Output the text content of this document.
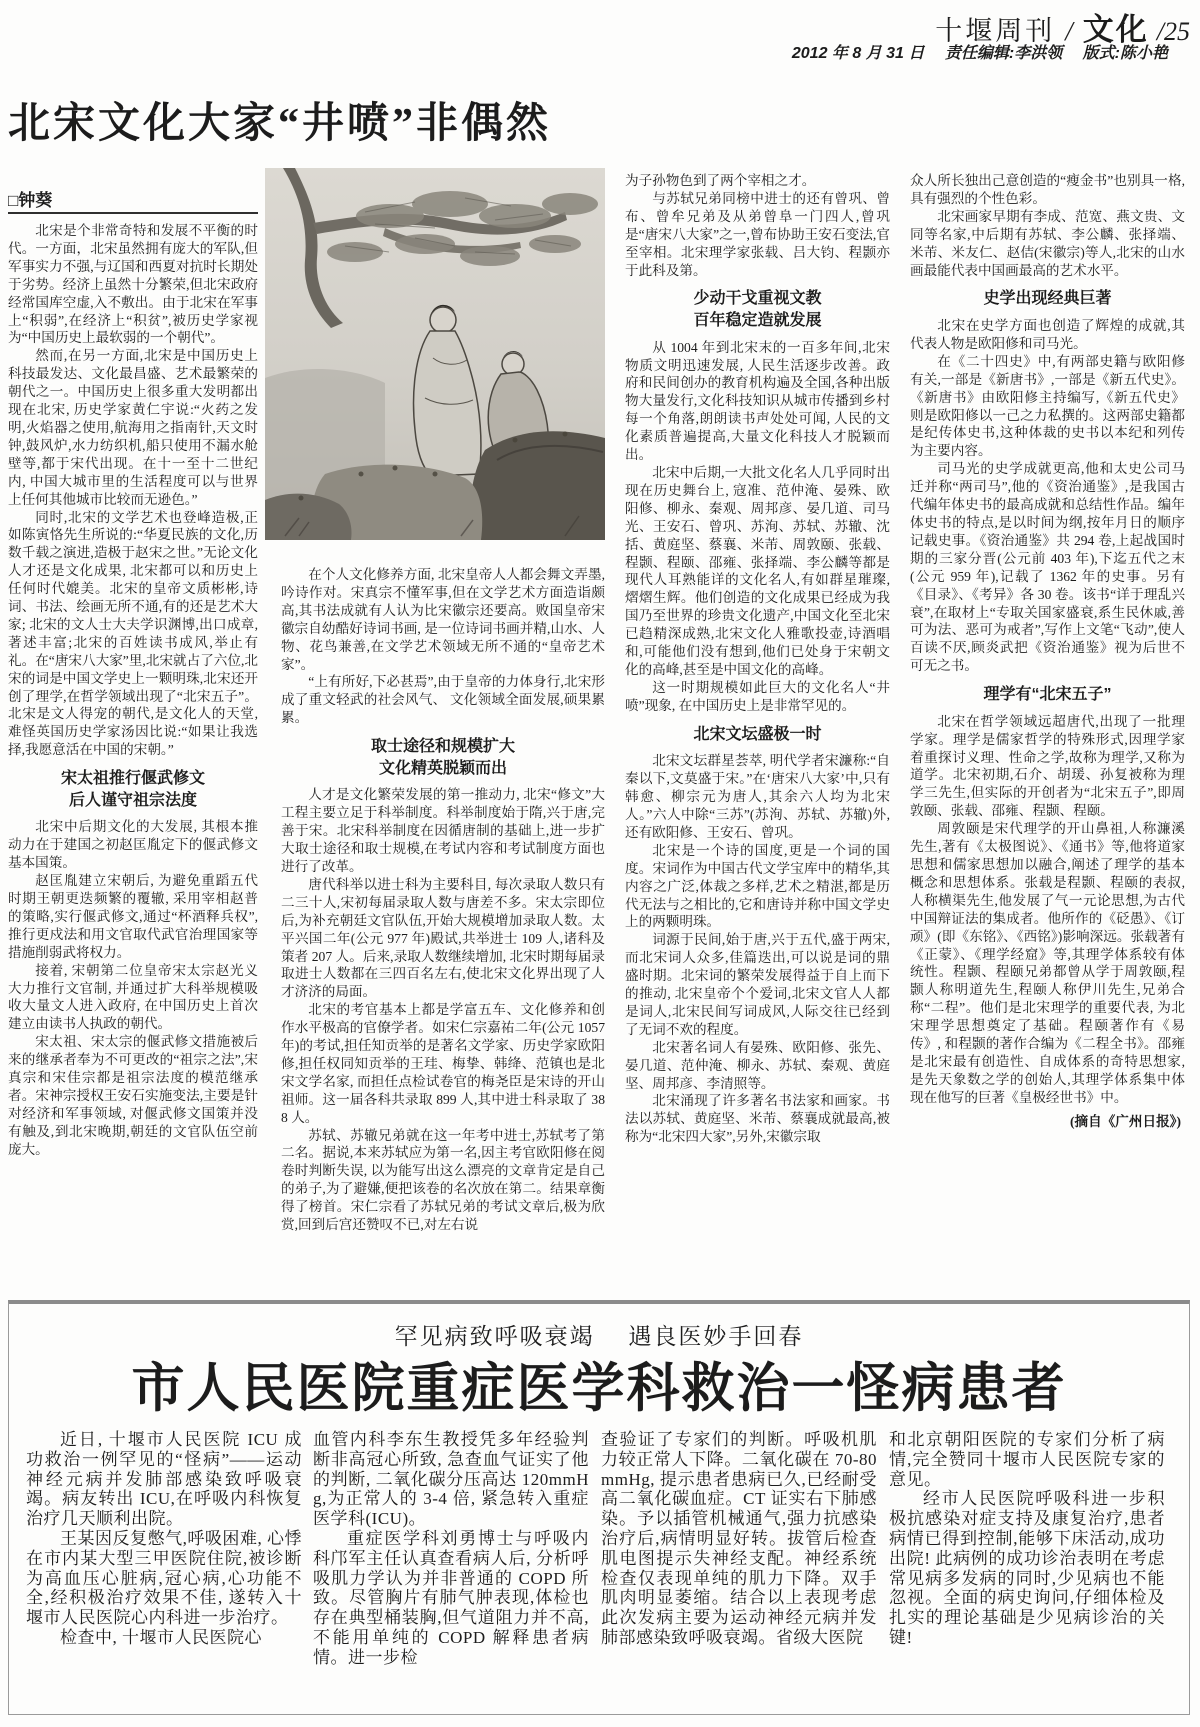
十堰周刊 / 文化 /25
2012 年 8 月 31 日 责任编辑:李洪领 版式:陈小艳
北宋文化大家“井喷”非偶然
□钟葵
北宋是个非常奇特和发展不平衡的时代。一方面，北宋虽然拥有庞大的军队,但军事实力不强,与辽国和西夏对抗时长期处于劣势。经济上虽然十分繁荣,但北宋政府经常国库空虚,入不敷出。由于北宋在军事上“积弱”,在经济上“积贫”,被历史学家视为“中国历史上最软弱的一个朝代”。
然而,在另一方面,北宋是中国历史上科技最发达、文化最昌盛、艺术最繁荣的朝代之一。中国历史上很多重大发明都出现在北宋, 历史学家黄仁宇说:“火药之发明,火焰器之使用,航海用之指南针,天文时钟,鼓风炉,水力纺织机,船只使用不漏水舱壁等,都于宋代出现。在十一至十二世纪内, 中国大城市里的生活程度可以与世界上任何其他城市比较而无逊色。”
同时,北宋的文学艺术也登峰造极,正如陈寅恪先生所说的:“华夏民族的文化,历数千载之演进,造极于赵宋之世。”无论文化人才还是文化成果, 北宋都可以和历史上任何时代媲美。北宋的皇帝文质彬彬,诗词、书法、绘画无所不通,有的还是艺术大家; 北宋的文人士大夫学识渊博,出口成章,著述丰富;北宋的百姓读书成风,举止有礼。在“唐宋八大家”里,北宋就占了六位,北宋的词是中国文学史上一颗明珠,北宋还开创了理学,在哲学领域出现了“北宋五子”。北宋是文人得宠的朝代,是文化人的天堂,难怪英国历史学家汤因比说:“如果让我选择,我愿意活在中国的宋朝。”
宋太祖推行偃武修文
后人谨守祖宗法度
北宋中后期文化的大发展, 其根本推动力在于建国之初赵匡胤定下的偃武修文基本国策。
赵匡胤建立宋朝后, 为避免重蹈五代时期王朝更迭频繁的覆辙, 采用宰相赵普的策略,实行偃武修文,通过“杯酒释兵权”,推行更戍法和用文官取代武官治理国家等措施削弱武将权力。
接着, 宋朝第二位皇帝宋太宗赵光义大力推行文官制, 并通过扩大科举规模吸收大量文人进入政府, 在中国历史上首次建立由读书人执政的朝代。
宋太祖、宋太宗的偃武修文措施被后来的继承者奉为不可更改的“祖宗之法”,宋真宗和宋佳宗都是祖宗法度的模范继承者。宋神宗授权王安石实施变法,主要是针对经济和军事领域, 对偃武修文国策并没有触及,到北宋晚期,朝廷的文官队伍空前庞大。
在个人文化修养方面, 北宋皇帝人人都会舞文弄墨,吟诗作对。宋真宗不懂军事,但在文学艺术方面造诣颇高,其书法成就有人认为比宋徽宗还要高。败国皇帝宋徽宗自幼酷好诗词书画, 是一位诗词书画并精,山水、人物、花鸟兼善,在文学艺术领域无所不通的“皇帝艺术家”。
“上有所好,下必甚焉”,由于皇帝的力体身行,北宋形成了重文轻武的社会风气、 文化领域全面发展,硕果累累。
取士途径和规模扩大
文化精英脱颖而出
人才是文化繁荣发展的第一推动力, 北宋“修文”大工程主要立足于科举制度。科举制度始于隋,兴于唐,完善于宋。北宋科举制度在因循唐制的基础上,进一步扩大取士途径和取士规模,在考试内容和考试制度方面也进行了改革。
唐代科举以进士科为主要科目, 每次录取人数只有二三十人,宋初每届录取人数与唐差不多。宋太宗即位后,为补充朝廷文官队伍,开始大规模增加录取人数。太平兴国二年(公元 977 年)殿试,共举进士 109 人,诸科及策者 207 人。后来,录取人数继续增加, 北宋时期每届录取进士人数都在三四百名左右,使北宋文化界出现了人才济济的局面。
北宋的考官基本上都是学富五车、文化修养和创作水平极高的官僚学者。如宋仁宗嘉祐二年(公元 1057 年)的考试,担任知贡举的是著名文学家、历史学家欧阳修,担任权同知贡举的王珪、梅挚、韩绛、范镇也是北宋文学名家, 而担任点检试卷官的梅尧臣是宋诗的开山祖师。这一届各科共录取 899 人,其中进士科录取了 388 人。
苏轼、苏辙兄弟就在这一年考中进士,苏轼考了第二名。据说,本来苏轼应为第一名,因主考官欧阳修在阅卷时判断失误, 以为能写出这么漂亮的文章肯定是自己的弟子,为了避嫌,便把该卷的名次放在第二。结果章衡得了榜首。宋仁宗看了苏轼兄弟的考试文章后,极为欣赏,回到后宫还赞叹不已,对左右说
为子孙物色到了两个宰相之才。
与苏轼兄弟同榜中进士的还有曾巩、曾布、曾牟兄弟及从弟曾阜一门四人,曾巩是“唐宋八大家”之一,曾布协助王安石变法,官至宰相。北宋理学家张载、吕大钧、程颢亦于此科及第。
少动干戈重视文教
百年稳定造就发展
从 1004 年到北宋末的一百多年间,北宋物质文明迅速发展, 人民生活逐步改善。政府和民间创办的教育机构遍及全国,各种出版物大量发行,文化科技知识从城市传播到乡村每一个角落,朗朗读书声处处可闻, 人民的文化素质普遍提高,大量文化科技人才脱颖而出。
北宋中后期,一大批文化名人几乎同时出现在历史舞台上, 寇准、范仲淹、晏殊、欧阳修、柳永、秦观、周邦彦、晏几道、司马光、王安石、曾巩、苏洵、苏轼、苏辙、沈括、黄庭坚、蔡襄、米芾、周敦颐、张载、程颢、程颐、邵雍、张择端、李公麟等都是现代人耳熟能详的文化名人,有如群星璀璨,熠熠生辉。他们创造的文化成果已经成为我国乃至世界的珍贵文化遗产,中国文化至北宋已趋精深成熟,北宋文化人雅歌投壶,诗酒唱和,可能他们没有想到,他们已处身于宋朝文化的高峰,甚至是中国文化的高峰。
这一时期规模如此巨大的文化名人“井喷”现象, 在中国历史上是非常罕见的。
北宋文坛盛极一时
北宋文坛群星荟萃, 明代学者宋濂称:“自秦以下,文莫盛于宋。”在‘唐宋八大家’中,只有韩愈、柳宗元为唐人,其余六人均为北宋人。”六人中除“三苏”(苏洵、苏轼、苏辙)外,还有欧阳修、王安石、曾巩。
北宋是一个诗的国度,更是一个词的国度。宋词作为中国古代文学宝库中的精华,其内容之广泛,体裁之多样,艺术之精湛,都是历代无法与之相比的,它和唐诗并称中国文学史上的两颗明珠。
词源于民间,始于唐,兴于五代,盛于两宋,而北宋词人众多,佳篇迭出,可以说是词的鼎盛时期。北宋词的繁荣发展得益于自上而下的推动, 北宋皇帝个个爱词,北宋文官人人都是词人,北宋民间写词成风,人际交往已经到了无词不欢的程度。
北宋著名词人有晏殊、欧阳修、张先、晏几道、范仲淹、柳永、苏轼、秦观、黄庭坚、周邦彦、李清照等。
北宋涌现了许多著名书法家和画家。书法以苏轼、黄庭坚、米芾、蔡襄成就最高,被称为“北宋四大家”,另外,宋徽宗取
众人所长独出己意创造的“瘦金书”也别具一格,具有强烈的个性色彩。
北宋画家早期有李成、范宽、燕文贵、文同等名家,中后期有苏轼、李公麟、张择端、米芾、米友仁、赵佶(宋徽宗)等人,北宋的山水画最能代表中国画最高的艺术水平。
史学出现经典巨著
北宋在史学方面也创造了辉煌的成就,其代表人物是欧阳修和司马光。
在《二十四史》中,有两部史籍与欧阳修有关,一部是《新唐书》,一部是《新五代史》。《新唐书》由欧阳修主持编写,《新五代史》则是欧阳修以一己之力私撰的。这两部史籍都是纪传体史书,这种体裁的史书以本纪和列传为主要内容。
司马光的史学成就更高,他和太史公司马迁并称“两司马”,他的《资治通鉴》,是我国古代编年体史书的最高成就和总结性作品。编年体史书的特点,是以时间为纲,按年月日的顺序记载史事。《资治通鉴》共 294 卷,上起战国时期的三家分晋(公元前 403 年),下迄五代之末(公元 959 年),记载了 1362 年的史事。另有《目录》、《考异》各 30 卷。该书“详于理乱兴衰”,在取材上“专取关国家盛衰,系生民休戚,善可为法、恶可为戒者”,写作上文笔“飞动”,使人百读不厌,顾炎武把《资治通鉴》视为后世不可无之书。
理学有“北宋五子”
北宋在哲学领域远超唐代,出现了一批理学家。理学是儒家哲学的特殊形式,因理学家着重探讨义理、性命之学,故称为理学,又称为道学。北宋初期,石介、胡瑗、孙复被称为理学三先生,但实际的开创者为“北宋五子”,即周敦颐、张载、邵雍、程颢、程颐。
周敦颐是宋代理学的开山鼻祖,人称濂溪先生,著有《太极图说》、《通书》等,他将道家思想和儒家思想加以融合,阐述了理学的基本概念和思想体系。张载是程颢、程颐的表叔,人称横渠先生,他发展了气一元论思想,为古代中国辩证法的集成者。他所作的《砭愚》、《订顽》(即《东铭》、《西铭》)影响深远。张载著有《正蒙》、《理学经窟》等,其理学体系较有体统性。程颢、程颐兄弟都曾从学于周敦颐,程颢人称明道先生,程颐人称伊川先生,兄弟合称“二程”。他们是北宋理学的重要代表, 为北宋理学思想奠定了基础。程颐著作有《易传》, 和程颢的著作合编为《二程全书》。邵雍是北宋最有创造性、自成体系的奇特思想家,是先天象数之学的创始人,其理学体系集中体现在他写的巨著《皇极经世书》中。
(摘自《广州日报》)
罕见病致呼吸衰竭 遇良医妙手回春
市人民医院重症医学科救治一怪病患者
近日, 十堰市人民医院 ICU 成功救治一例罕见的“怪病”——运动神经元病并发肺部感染致呼吸衰竭。病友转出 ICU,在呼吸内科恢复治疗几天顺利出院。
王某因反复憋气,呼吸困难, 心悸在市内某大型三甲医院住院,被诊断为高血压心脏病,冠心病,心功能不全,经积极治疗效果不佳, 遂转入十堰市人民医院心内科进一步治疗。
检查中, 十堰市人民医院心
血管内科李东生教授凭多年经验判断非高冠心所致, 急查血气证实了他的判断, 二氧化碳分压高达 120mmHg,为正常人的 3-4 倍, 紧急转入重症医学科(ICU)。
重症医学科刘勇博士与呼吸内科邝军主任认真查看病人后, 分析呼吸肌力学认为并非普通的 COPD 所致。尽管胸片有肺气肿表现,体检也存在典型桶装胸,但气道阻力并不高, 不能用单纯的 COPD 解释患者病情。进一步检
查验证了专家们的判断。呼吸机肌力较正常人下降。二氧化碳在 70-80 mmHg, 提示患者患病已久,已经耐受高二氧化碳血症。CT 证实右下肺感染。予以插管机械通气,强力抗感染治疗后,病情明显好转。拔管后检查肌电图提示失神经支配。神经系统检查仅表现单纯的肌力下降。双手肌肉明显萎缩。结合以上表现考虑此次发病主要为运动神经元病并发肺部感染致呼吸衰竭。省级大医院
和北京朝阳医院的专家们分析了病情,完全赞同十堰市人民医院专家的意见。
经市人民医院呼吸科进一步积极抗感染对症支持及康复治疗,患者病情已得到控制,能够下床活动,成功出院! 此病例的成功诊治表明在考虑常见病多发病的同时,少见病也不能忽视。全面的病史询问,仔细体检及扎实的理论基础是少见病诊治的关键!
